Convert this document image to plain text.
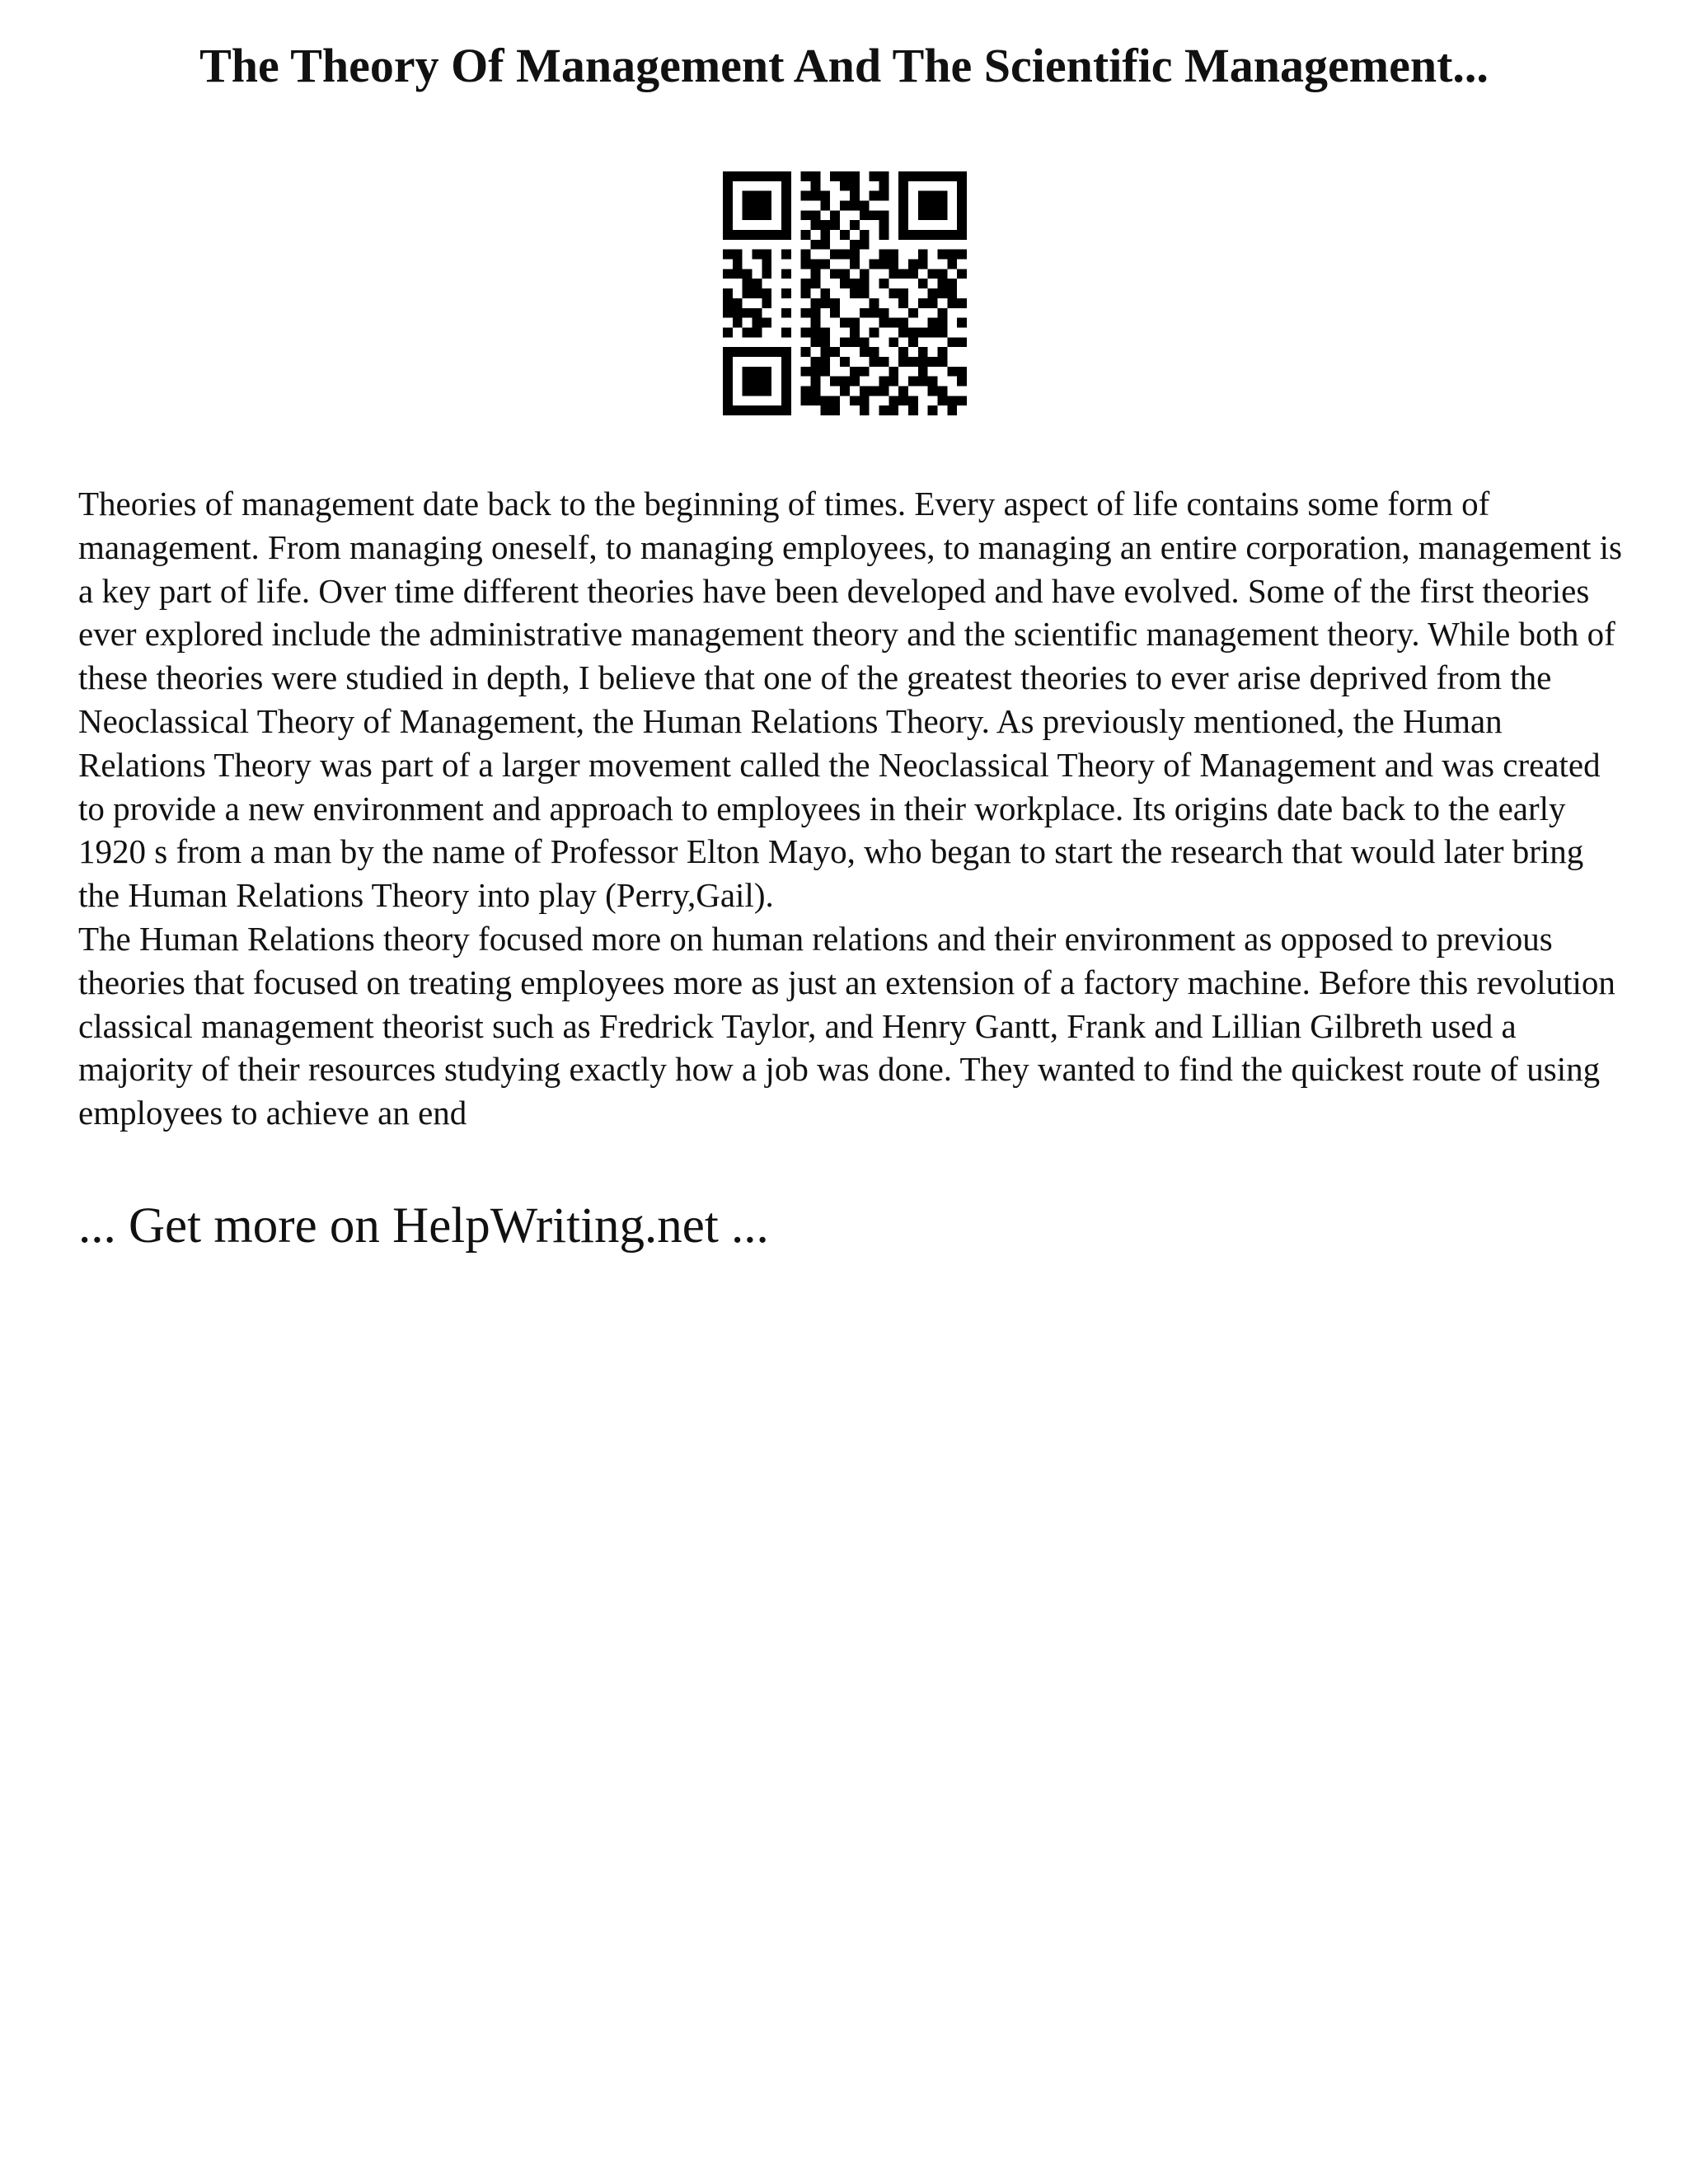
The Theory Of Management And The Scientific Management...

Theories of management date back to the beginning of times. Every aspect of life contains some form of management. From managing oneself, to managing employees, to managing an entire corporation, management is a key part of life. Over time different theories have been developed and have evolved. Some of the first theories ever explored include the administrative management theory and the scientific management theory. While both of these theories were studied in depth, I believe that one of the greatest theories to ever arise deprived from the Neoclassical Theory of Management, the Human Relations Theory. As previously mentioned, the Human Relations Theory was part of a larger movement called the Neoclassical Theory of Management and was created to provide a new environment and approach to employees in their workplace. Its origins date back to the early 1920 s from a man by the name of Professor Elton Mayo, who began to start the research that would later bring the Human Relations Theory into play (Perry,Gail).

The Human Relations theory focused more on human relations and their environment as opposed to previous theories that focused on treating employees more as just an extension of a factory machine. Before this revolution classical management theorist such as Fredrick Taylor, and Henry Gantt, Frank and Lillian Gilbreth used a majority of their resources studying exactly how a job was done. They wanted to find the quickest route of using employees to achieve an end

... Get more on HelpWriting.net ...
